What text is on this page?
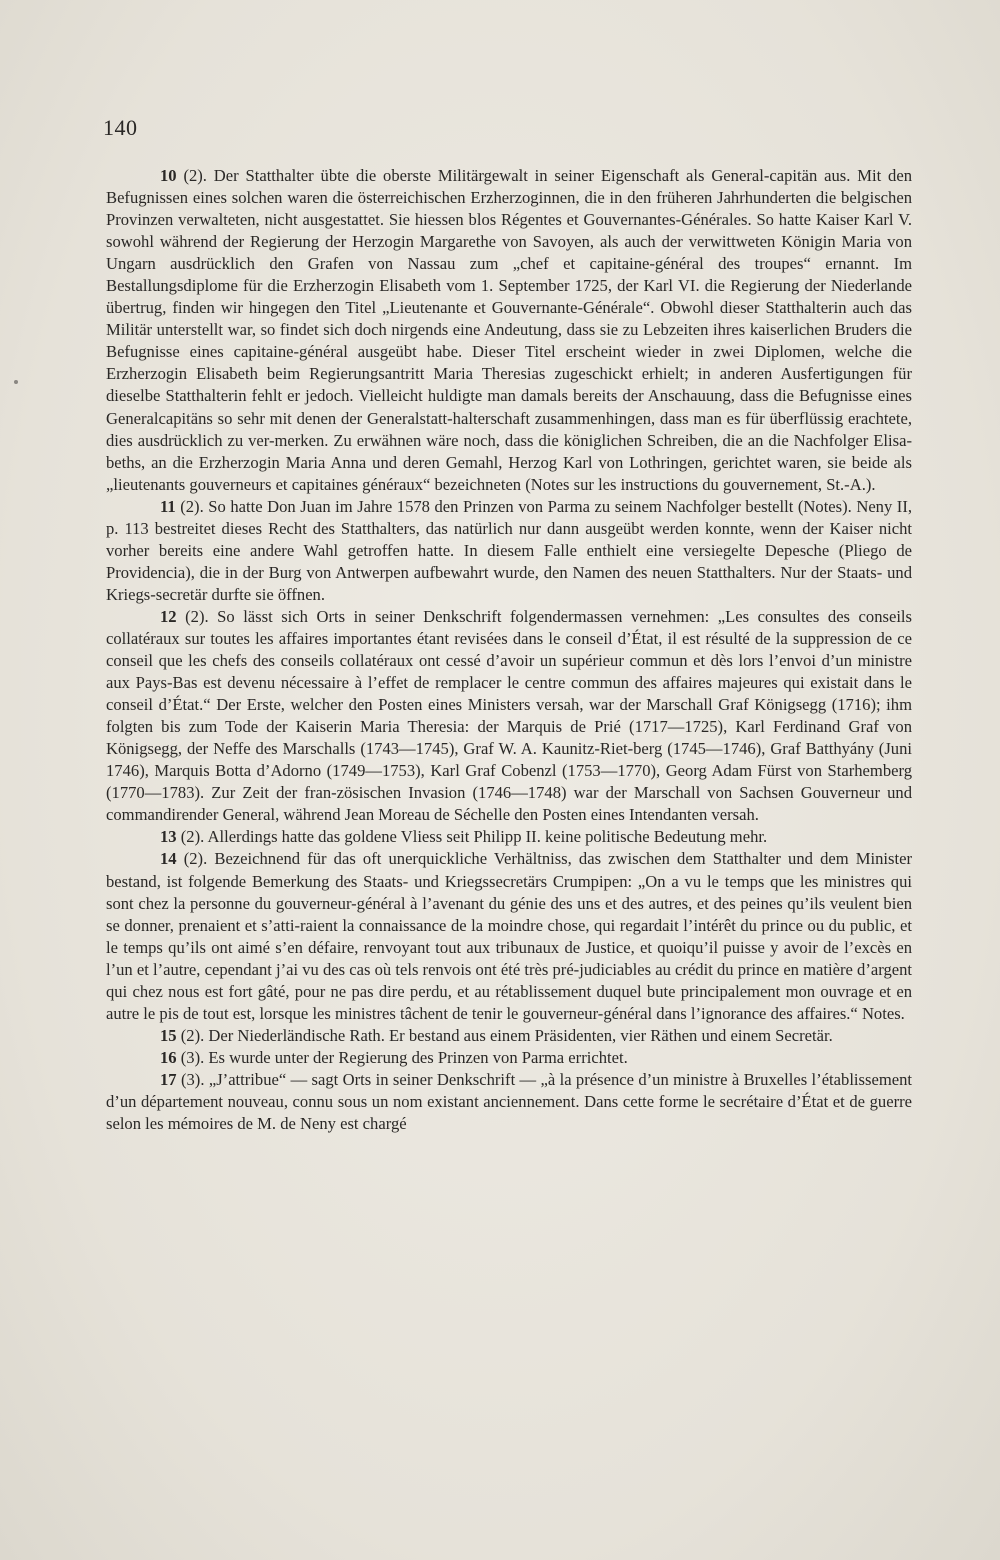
140

10 (2). Der Statthalter übte die oberste Militärgewalt in seiner Eigenschaft als General-capitän aus. Mit den Befugnissen eines solchen waren die österreichischen Erzherzoginnen, die in den früheren Jahrhunderten die belgischen Provinzen verwalteten, nicht ausgestattet. Sie hiessen blos Régentes et Gouvernantes-Générales. So hatte Kaiser Karl V. sowohl während der Regierung der Herzogin Margarethe von Savoyen, als auch der verwittweten Königin Maria von Ungarn ausdrücklich den Grafen von Nassau zum „chef et capitaine-général des troupes“ ernannt. Im Bestallungsdiplome für die Erzherzogin Elisabeth vom 1. September 1725, der Karl VI. die Regierung der Niederlande übertrug, finden wir hingegen den Titel „Lieutenante et Gouvernante-Générale“. Obwohl dieser Statthalterin auch das Militär unterstellt war, so findet sich doch nirgends eine Andeutung, dass sie zu Lebzeiten ihres kaiserlichen Bruders die Befugnisse eines capitaine-général ausgeübt habe. Dieser Titel erscheint wieder in zwei Diplomen, welche die Erzherzogin Elisabeth beim Regierungsantritt Maria Theresias zugeschickt erhielt; in anderen Ausfertigungen für dieselbe Statthalterin fehlt er jedoch. Vielleicht huldigte man damals bereits der Anschauung, dass die Befugnisse eines Generalcapitäns so sehr mit denen der Generalstatt-halterschaft zusammenhingen, dass man es für überflüssig erachtete, dies ausdrücklich zu ver-merken. Zu erwähnen wäre noch, dass die königlichen Schreiben, die an die Nachfolger Elisa-beths, an die Erzherzogin Maria Anna und deren Gemahl, Herzog Karl von Lothringen, gerichtet waren, sie beide als „lieutenants gouverneurs et capitaines généraux“ bezeichneten (Notes sur les instructions du gouvernement, St.-A.).

11 (2). So hatte Don Juan im Jahre 1578 den Prinzen von Parma zu seinem Nachfolger bestellt (Notes). Neny II, p. 113 bestreitet dieses Recht des Statthalters, das natürlich nur dann ausgeübt werden konnte, wenn der Kaiser nicht vorher bereits eine andere Wahl getroffen hatte. In diesem Falle enthielt eine versiegelte Depesche (Pliego de Providencia), die in der Burg von Antwerpen aufbewahrt wurde, den Namen des neuen Statthalters. Nur der Staats- und Kriegs-secretär durfte sie öffnen.

12 (2). So lässt sich Orts in seiner Denkschrift folgendermassen vernehmen: „Les consultes des conseils collatéraux sur toutes les affaires importantes étant revisées dans le conseil d’État, il est résulté de la suppression de ce conseil que les chefs des conseils collatéraux ont cessé d’avoir un supérieur commun et dès lors l’envoi d’un ministre aux Pays-Bas est devenu nécessaire à l’effet de remplacer le centre commun des affaires majeures qui existait dans le conseil d’État.“ Der Erste, welcher den Posten eines Ministers versah, war der Marschall Graf Königsegg (1716); ihm folgten bis zum Tode der Kaiserin Maria Theresia: der Marquis de Prié (1717—1725), Karl Ferdinand Graf von Königsegg, der Neffe des Marschalls (1743—1745), Graf W. A. Kaunitz-Riet-berg (1745—1746), Graf Batthyány (Juni 1746), Marquis Botta d’Adorno (1749—1753), Karl Graf Cobenzl (1753—1770), Georg Adam Fürst von Starhemberg (1770—1783). Zur Zeit der fran-zösischen Invasion (1746—1748) war der Marschall von Sachsen Gouverneur und commandirender General, während Jean Moreau de Séchelle den Posten eines Intendanten versah.

13 (2). Allerdings hatte das goldene Vliess seit Philipp II. keine politische Bedeutung mehr.

14 (2). Bezeichnend für das oft unerquickliche Verhältniss, das zwischen dem Statthalter und dem Minister bestand, ist folgende Bemerkung des Staats- und Kriegssecretärs Crumpipen: „On a vu le temps que les ministres qui sont chez la personne du gouverneur-général à l’avenant du génie des uns et des autres, et des peines qu’ils veulent bien se donner, prenaient et s’atti-raient la connaissance de la moindre chose, qui regardait l’intérêt du prince ou du public, et le temps qu’ils ont aimé s’en défaire, renvoyant tout aux tribunaux de Justice, et quoiqu’il puisse y avoir de l’excès en l’un et l’autre, cependant j’ai vu des cas où tels renvois ont été très pré-judiciables au crédit du prince en matière d’argent qui chez nous est fort gâté, pour ne pas dire perdu, et au rétablissement duquel bute principalement mon ouvrage et en autre le pis de tout est, lorsque les ministres tâchent de tenir le gouverneur-général dans l’ignorance des affaires.“ Notes.

15 (2). Der Niederländische Rath. Er bestand aus einem Präsidenten, vier Räthen und einem Secretär.

16 (3). Es wurde unter der Regierung des Prinzen von Parma errichtet.

17 (3). „J’attribue“ — sagt Orts in seiner Denkschrift — „à la présence d’un ministre à Bruxelles l’établissement d’un département nouveau, connu sous un nom existant anciennement. Dans cette forme le secrétaire d’État et de guerre selon les mémoires de M. de Neny est chargé
